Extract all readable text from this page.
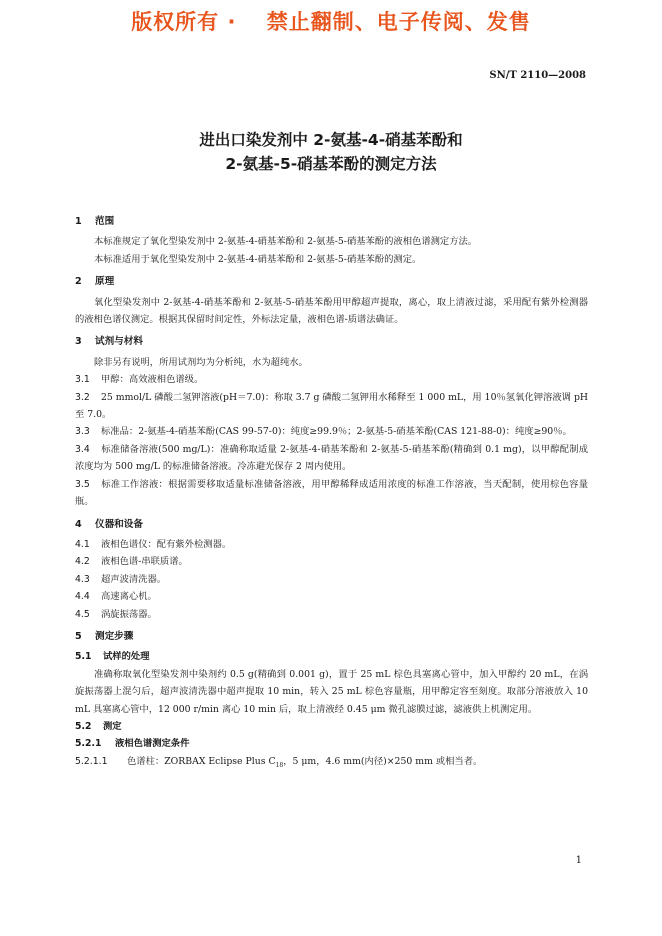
版权所有 ·　 禁止翻制、电子传阅、发售
SN/T 2110—2008
进出口染发剂中 2-氨基-4-硝基苯酚和
2-氨基-5-硝基苯酚的测定方法

1 范围

本标准规定了氧化型染发剂中 2-氨基-4-硝基苯酚和 2-氨基-5-硝基苯酚的液相色谱测定方法。

本标准适用于氧化型染发剂中 2-氨基-4-硝基苯酚和 2-氨基-5-硝基苯酚的测定。

2 原理

氧化型染发剂中 2-氨基-4-硝基苯酚和 2-氨基-5-硝基苯酚用甲醇超声提取，离心，取上清液过滤，采用配有紫外检测器的液相色谱仪测定。根据其保留时间定性，外标法定量，液相色谱-质谱法确证。

3 试剂与材料

除非另有说明，所用试剂均为分析纯，水为超纯水。

3.1 甲醇：高效液相色谱级。

3.2 25 mmol/L 磷酸二氢钾溶液(pH＝7.0)：称取 3.7 g 磷酸二氢钾用水稀释至 1 000 mL，用 10％氢氧化钾溶液调 pH 至 7.0。

3.3 标准品：2-氨基-4-硝基苯酚(CAS 99-57-0)：纯度≥99.9％；2-氨基-5-硝基苯酚(CAS 121-88-0)：纯度≥90％。

3.4 标准储备溶液(500 mg/L)：准确称取适量 2-氨基-4-硝基苯酚和 2-氨基-5-硝基苯酚(精确到 0.1 mg)，以甲醇配制成浓度均为 500 mg/L 的标准储备溶液。冷冻避光保存 2 周内使用。

3.5 标准工作溶液：根据需要移取适量标准储备溶液，用甲醇稀释成适用浓度的标准工作溶液，当天配制，使用棕色容量瓶。

4 仪器和设备

4.1 液相色谱仪：配有紫外检测器。

4.2 液相色谱-串联质谱。

4.3 超声波清洗器。

4.4 高速离心机。

4.5 涡旋振荡器。

5 测定步骤

5.1 试样的处理

准确称取氧化型染发剂中染剂约 0.5 g(精确到 0.001 g)，置于 25 mL 棕色具塞离心管中，加入甲醇约 20 mL，在涡旋振荡器上混匀后，超声波清洗器中超声提取 10 min，转入 25 mL 棕色容量瓶，用甲醇定容至刻度。取部分溶液放入 10 mL 具塞离心管中，12 000 r/min 离心 10 min 后，取上清液经 0.45 μm 微孔滤膜过滤，滤液供上机测定用。

5.2 测定

5.2.1 液相色谱测定条件

5.2.1.1 色谱柱：ZORBAX Eclipse Plus $C_{18}$，5 μm，4.6 mm(内径)×250 mm 或相当者。

1
